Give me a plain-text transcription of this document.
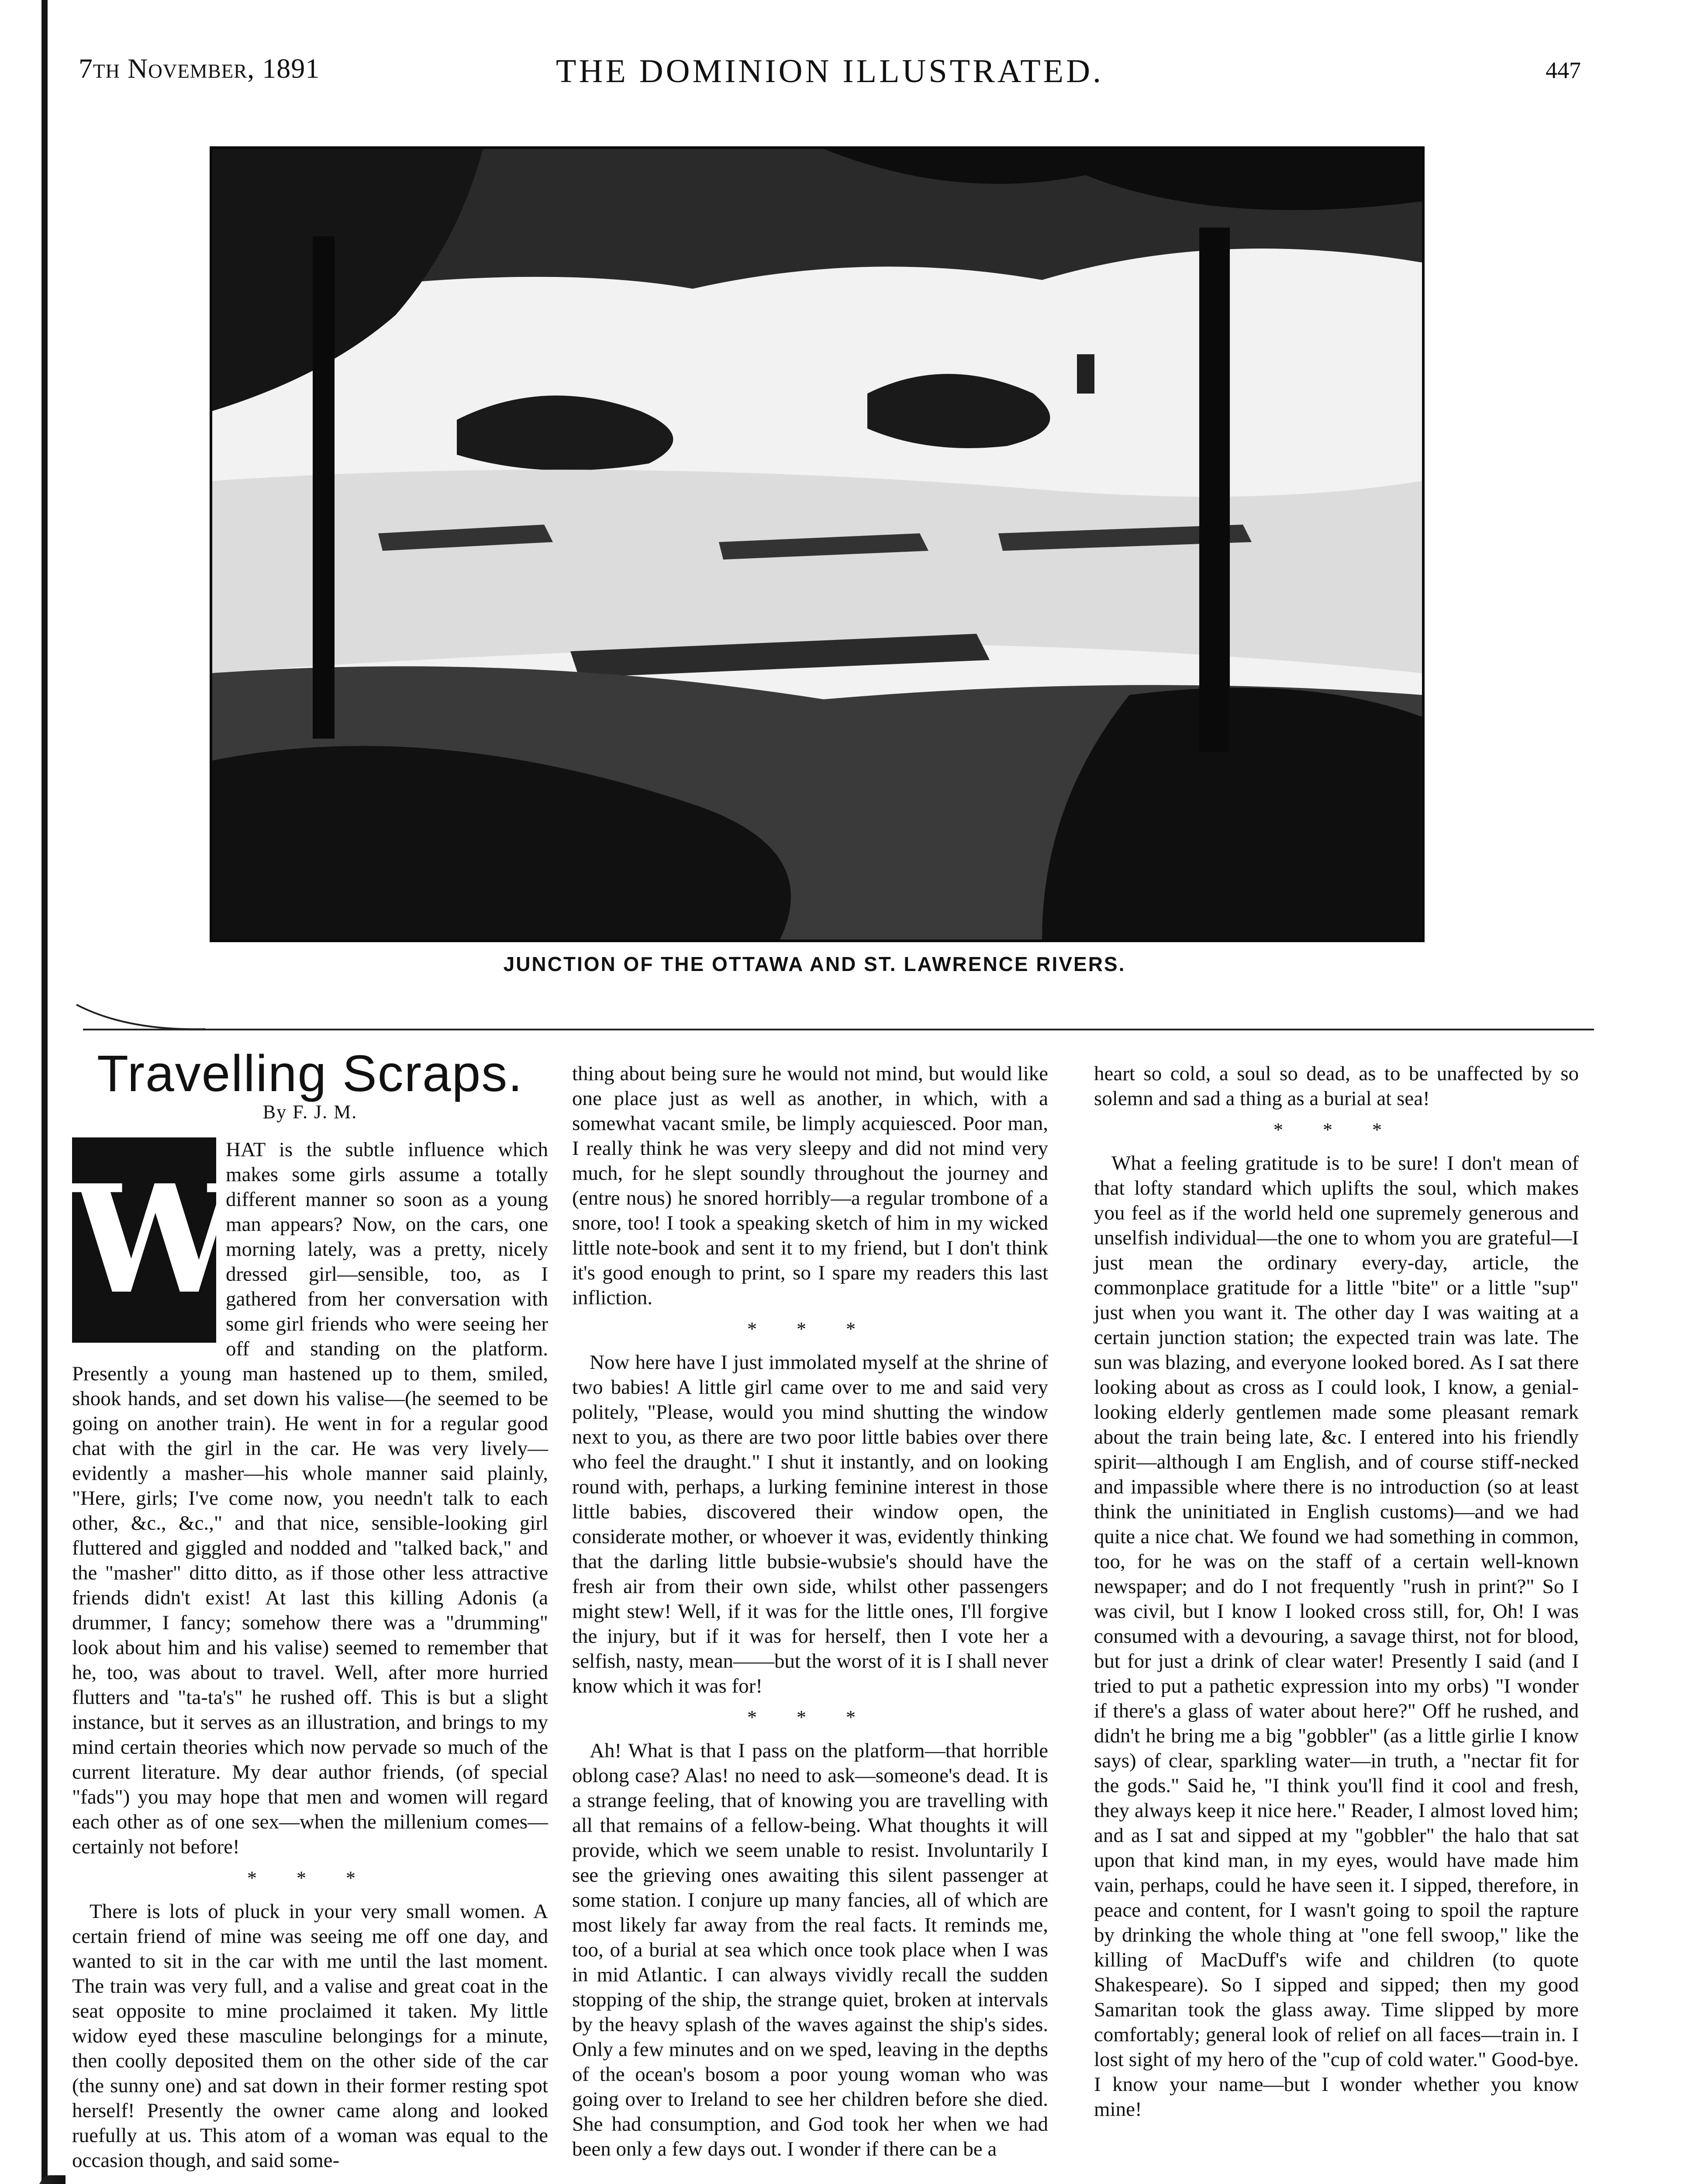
7th November, 1891	THE DOMINION ILLUSTRATED.	447
JUNCTION OF THE OTTAWA AND ST. LAWRENCE RIVERS.
Travelling Scraps.
By F. J. M.
W

HAT is the subtle influence which makes some girls assume a totally different manner so soon as a young man appears? Now, on the cars, one morning lately, was a pretty, nicely dressed girl—sensible, too, as I gathered from her conversation with some girl friends who were seeing her off and standing on the platform. Presently a young man hastened up to them, smiled, shook hands, and set down his valise—(he seemed to be going on another train). He went in for a regular good chat with the girl in the car. He was very lively—evidently a masher—his whole manner said plainly, "Here, girls; I've come now, you needn't talk to each other, &c., &c.," and that nice, sensible-looking girl fluttered and giggled and nodded and "talked back," and the "masher" ditto ditto, as if those other less attractive friends didn't exist! At last this killing Adonis (a drummer, I fancy; somehow there was a "drumming" look about him and his valise) seemed to remember that he, too, was about to travel. Well, after more hurried flutters and "ta-ta's" he rushed off. This is but a slight instance, but it serves as an illustration, and brings to my mind certain theories which now pervade so much of the current literature. My dear author friends, (of special "fads") you may hope that men and women will regard each other as of one sex—when the millenium comes—certainly not before!

* * *

There is lots of pluck in your very small women. A certain friend of mine was seeing me off one day, and wanted to sit in the car with me until the last moment. The train was very full, and a valise and great coat in the seat opposite to mine proclaimed it taken. My little widow eyed these masculine belongings for a minute, then coolly deposited them on the other side of the car (the sunny one) and sat down in their former resting spot herself! Presently the owner came along and looked ruefully at us. This atom of a woman was equal to the occasion though, and said some-

thing about being sure he would not mind, but would like one place just as well as another, in which, with a somewhat vacant smile, be limply acquiesced. Poor man, I really think he was very sleepy and did not mind very much, for he slept soundly throughout the journey and (entre nous) he snored horribly—a regular trombone of a snore, too! I took a speaking sketch of him in my wicked little note-book and sent it to my friend, but I don't think it's good enough to print, so I spare my readers this last infliction.

* * *

Now here have I just immolated myself at the shrine of two babies! A little girl came over to me and said very politely, "Please, would you mind shutting the window next to you, as there are two poor little babies over there who feel the draught." I shut it instantly, and on looking round with, perhaps, a lurking feminine interest in those little babies, discovered their window open, the considerate mother, or whoever it was, evidently thinking that the darling little bubsie-wubsie's should have the fresh air from their own side, whilst other passengers might stew! Well, if it was for the little ones, I'll forgive the injury, but if it was for herself, then I vote her a selfish, nasty, mean——but the worst of it is I shall never know which it was for!

* * *

Ah! What is that I pass on the platform—that horrible oblong case? Alas! no need to ask—someone's dead. It is a strange feeling, that of knowing you are travelling with all that remains of a fellow-being. What thoughts it will provide, which we seem unable to resist. Involuntarily I see the grieving ones awaiting this silent passenger at some station. I conjure up many fancies, all of which are most likely far away from the real facts. It reminds me, too, of a burial at sea which once took place when I was in mid Atlantic. I can always vividly recall the sudden stopping of the ship, the strange quiet, broken at intervals by the heavy splash of the waves against the ship's sides. Only a few minutes and on we sped, leaving in the depths of the ocean's bosom a poor young woman who was going over to Ireland to see her children before she died. She had consumption, and God took her when we had been only a few days out. I wonder if there can be a

heart so cold, a soul so dead, as to be unaffected by so solemn and sad a thing as a burial at sea!

* * *

What a feeling gratitude is to be sure! I don't mean of that lofty standard which uplifts the soul, which makes you feel as if the world held one supremely generous and unselfish individual—the one to whom you are grateful—I just mean the ordinary every-day, article, the commonplace gratitude for a little "bite" or a little "sup" just when you want it. The other day I was waiting at a certain junction station; the expected train was late. The sun was blazing, and everyone looked bored. As I sat there looking about as cross as I could look, I know, a genial-looking elderly gentlemen made some pleasant remark about the train being late, &c. I entered into his friendly spirit—although I am English, and of course stiff-necked and impassible where there is no introduction (so at least think the uninitiated in English customs)—and we had quite a nice chat. We found we had something in common, too, for he was on the staff of a certain well-known newspaper; and do I not frequently "rush in print?" So I was civil, but I know I looked cross still, for, Oh! I was consumed with a devouring, a savage thirst, not for blood, but for just a drink of clear water! Presently I said (and I tried to put a pathetic expression into my orbs) "I wonder if there's a glass of water about here?" Off he rushed, and didn't he bring me a big "gobbler" (as a little girlie I know says) of clear, sparkling water—in truth, a "nectar fit for the gods." Said he, "I think you'll find it cool and fresh, they always keep it nice here." Reader, I almost loved him; and as I sat and sipped at my "gobbler" the halo that sat upon that kind man, in my eyes, would have made him vain, perhaps, could he have seen it. I sipped, therefore, in peace and content, for I wasn't going to spoil the rapture by drinking the whole thing at "one fell swoop," like the killing of MacDuff's wife and children (to quote Shakespeare). So I sipped and sipped; then my good Samaritan took the glass away. Time slipped by more comfortably; general look of relief on all faces—train in. I lost sight of my hero of the "cup of cold water." Good-bye. I know your name—but I wonder whether you know mine!
